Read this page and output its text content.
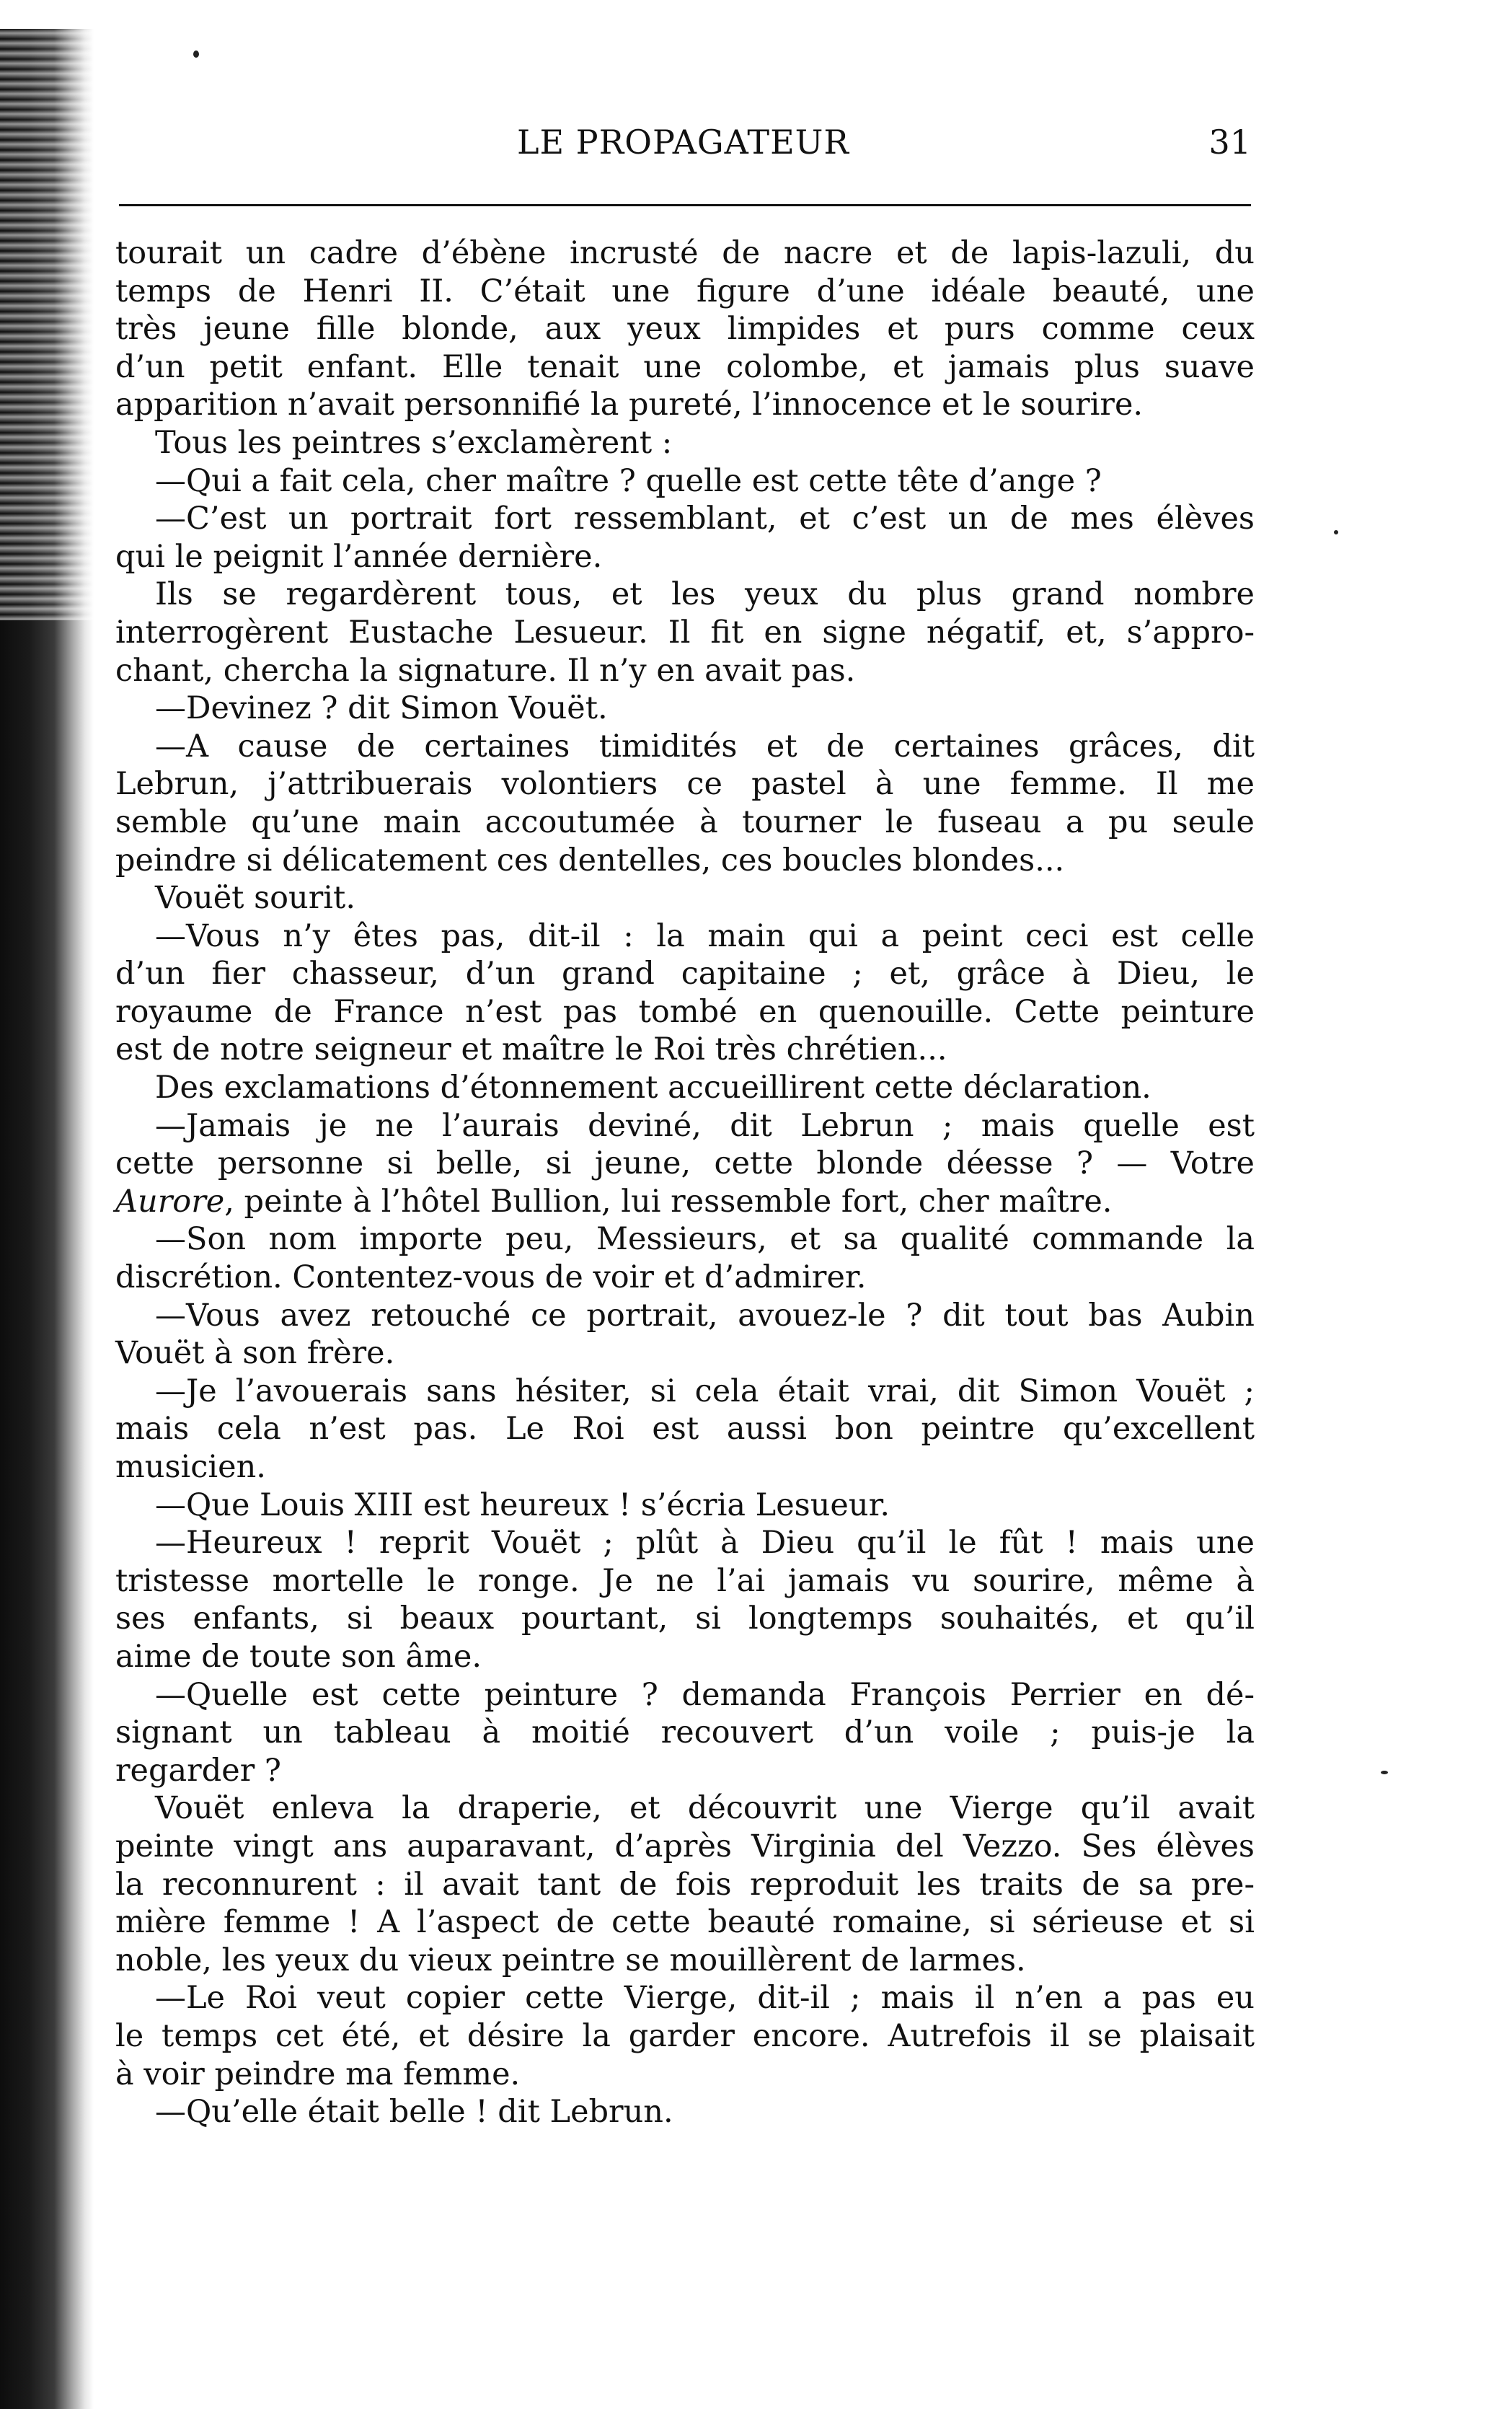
LE PROPAGATEUR	31
tourait un cadre d’ébène incrusté de nacre et de lapis-lazuli, du
temps de Henri II. C’était une figure d’une idéale beauté, une
très jeune fille blonde, aux yeux limpides et purs comme ceux
d’un petit enfant. Elle tenait une colombe, et jamais plus suave
apparition n’avait personnifié la pureté, l’innocence et le sourire.
Tous les peintres s’exclamèrent :
—Qui a fait cela, cher maître ? quelle est cette tête d’ange ?
—C’est un portrait fort ressemblant, et c’est un de mes élèves
qui le peignit l’année dernière.
Ils se regardèrent tous, et les yeux du plus grand nombre
interrogèrent Eustache Lesueur. Il fit en signe négatif, et, s’appro-
chant, chercha la signature. Il n’y en avait pas.
—Devinez ? dit Simon Vouët.
—A cause de certaines timidités et de certaines grâces, dit
Lebrun, j’attribuerais volontiers ce pastel à une femme. Il me
semble qu’une main accoutumée à tourner le fuseau a pu seule
peindre si délicatement ces dentelles, ces boucles blondes...
Vouët sourit.
—Vous n’y êtes pas, dit-il : la main qui a peint ceci est celle
d’un fier chasseur, d’un grand capitaine ; et, grâce à Dieu, le
royaume de France n’est pas tombé en quenouille. Cette peinture
est de notre seigneur et maître le Roi très chrétien...
Des exclamations d’étonnement accueillirent cette déclaration.
—Jamais je ne l’aurais deviné, dit Lebrun ; mais quelle est
cette personne si belle, si jeune, cette blonde déesse ? — Votre
Aurore, peinte à l’hôtel Bullion, lui ressemble fort, cher maître.
—Son nom importe peu, Messieurs, et sa qualité commande la
discrétion. Contentez-vous de voir et d’admirer.
—Vous avez retouché ce portrait, avouez-le ? dit tout bas Aubin
Vouët à son frère.
—Je l’avouerais sans hésiter, si cela était vrai, dit Simon Vouët ;
mais cela n’est pas. Le Roi est aussi bon peintre qu’excellent
musicien.
—Que Louis XIII est heureux ! s’écria Lesueur.
—Heureux ! reprit Vouët ; plût à Dieu qu’il le fût ! mais une
tristesse mortelle le ronge. Je ne l’ai jamais vu sourire, même à
ses enfants, si beaux pourtant, si longtemps souhaités, et qu’il
aime de toute son âme.
—Quelle est cette peinture ? demanda François Perrier en dé-
signant un tableau à moitié recouvert d’un voile ; puis-je la
regarder ?
Vouët enleva la draperie, et découvrit une Vierge qu’il avait
peinte vingt ans auparavant, d’après Virginia del Vezzo. Ses élèves
la reconnurent : il avait tant de fois reproduit les traits de sa pre-
mière femme ! A l’aspect de cette beauté romaine, si sérieuse et si
noble, les yeux du vieux peintre se mouillèrent de larmes.
—Le Roi veut copier cette Vierge, dit-il ; mais il n’en a pas eu
le temps cet été, et désire la garder encore. Autrefois il se plaisait
à voir peindre ma femme.
—Qu’elle était belle ! dit Lebrun.
